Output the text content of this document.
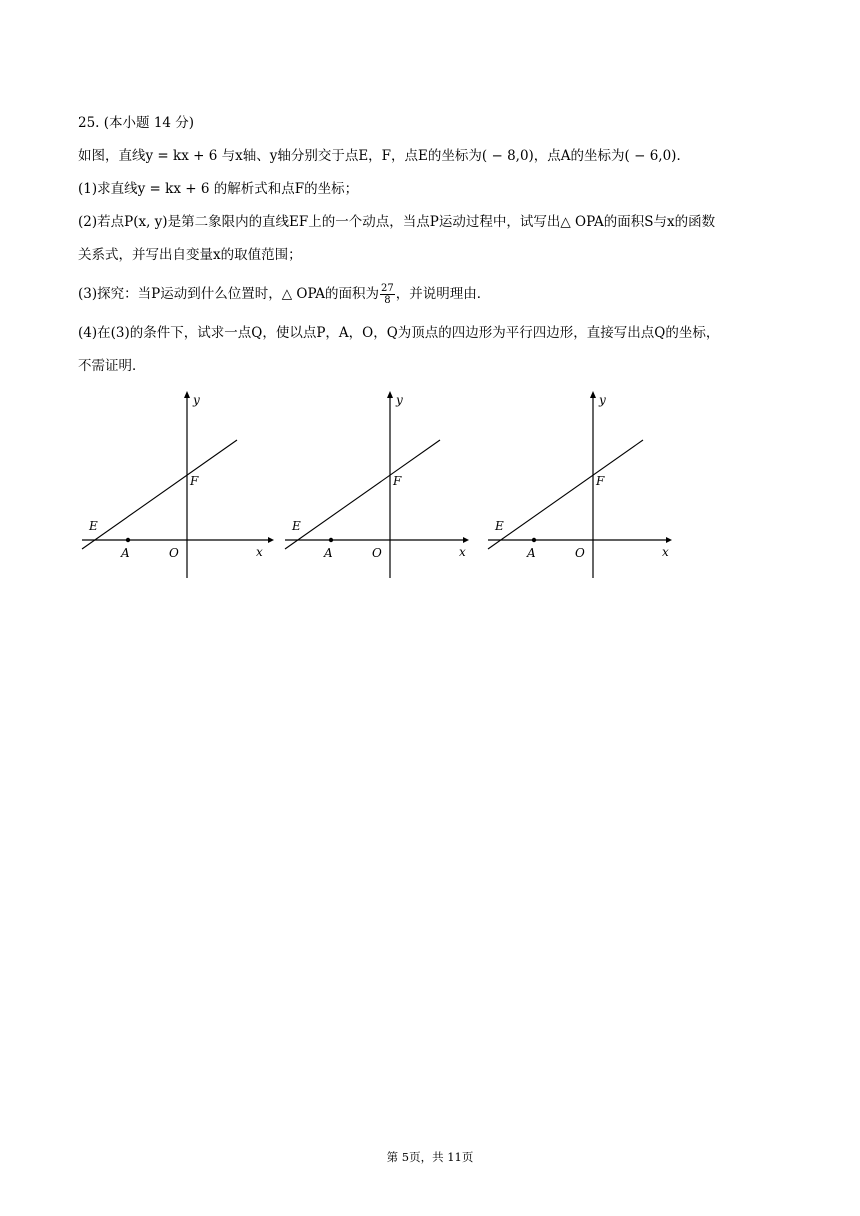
25. (本小题 14 分)
如图，直线y = kx + 6 与x轴、y轴分别交于点E，F，点E的坐标为( − 8,0)，点A的坐标为( − 6,0)．
(1)求直线y = kx + 6 的解析式和点F的坐标；
(2)若点P(x, y)是第二象限内的直线EF上的一个动点，当点P运动过程中，试写出△ OPA的面积S与x的函数
关系式，并写出自变量x的取值范围；
(3)探究：当P运动到什么位置时，△ OPA的面积为 $\frac{27}{8}$ ，并说明理由．
(4)在(3)的条件下，试求一点Q，使以点P，A，O，Q为顶点的四边形为平行四边形，直接写出点Q的坐标，
不需证明．
y
x
F
E
A	O
y
x
F
E
A	O
y
x
F
E
A	O
第 5页，共 11页
